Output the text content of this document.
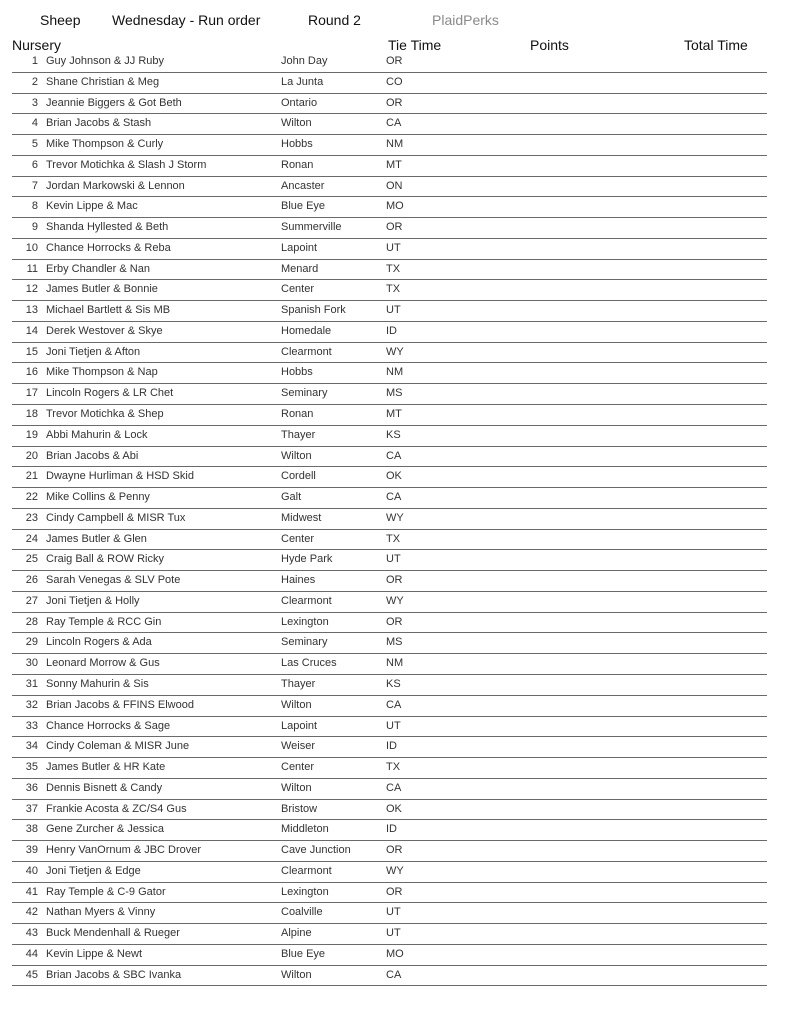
Sheep Wednesday - Run order	Round 2	PlaidPerks
Nursery	Tie Time	Points	Total Time
1 Guy Johnson & JJ Ruby	John Day	OR
2 Shane Christian & Meg	La Junta	CO
3 Jeannie Biggers & Got Beth	Ontario	OR
4 Brian Jacobs & Stash	Wilton	CA
5 Mike Thompson & Curly	Hobbs	NM
6 Trevor Motichka & Slash J Storm	Ronan	MT
7 Jordan Markowski & Lennon	Ancaster	ON
8 Kevin Lippe & Mac	Blue Eye	MO
9 Shanda Hyllested & Beth	Summerville	OR
10 Chance Horrocks & Reba	Lapoint	UT
11 Erby Chandler & Nan	Menard	TX
12 James Butler & Bonnie	Center	TX
13 Michael Bartlett & Sis MB	Spanish Fork	UT
14 Derek Westover & Skye	Homedale	ID
15 Joni Tietjen & Afton	Clearmont	WY
16 Mike Thompson & Nap	Hobbs	NM
17 Lincoln Rogers & LR Chet	Seminary	MS
18 Trevor Motichka & Shep	Ronan	MT
19 Abbi Mahurin & Lock	Thayer	KS
20 Brian Jacobs & Abi	Wilton	CA
21 Dwayne Hurliman & HSD Skid	Cordell	OK
22 Mike Collins & Penny	Galt	CA
23 Cindy Campbell & MISR Tux	Midwest	WY
24 James Butler & Glen	Center	TX
25 Craig Ball & ROW Ricky	Hyde Park	UT
26 Sarah Venegas & SLV Pote	Haines	OR
27 Joni Tietjen & Holly	Clearmont	WY
28 Ray Temple & RCC Gin	Lexington	OR
29 Lincoln Rogers & Ada	Seminary	MS
30 Leonard Morrow & Gus	Las Cruces	NM
31 Sonny Mahurin & Sis	Thayer	KS
32 Brian Jacobs & FFINS Elwood	Wilton	CA
33 Chance Horrocks & Sage	Lapoint	UT
34 Cindy Coleman & MISR June	Weiser	ID
35 James Butler & HR Kate	Center	TX
36 Dennis Bisnett & Candy	Wilton	CA
37 Frankie Acosta & ZC/S4 Gus	Bristow	OK
38 Gene Zurcher & Jessica	Middleton	ID
39 Henry VanOrnum & JBC Drover	Cave Junction	OR
40 Joni Tietjen & Edge	Clearmont	WY
41 Ray Temple & C-9 Gator	Lexington	OR
42 Nathan Myers & Vinny	Coalville	UT
43 Buck Mendenhall & Rueger	Alpine	UT
44 Kevin Lippe & Newt	Blue Eye	MO
45 Brian Jacobs & SBC Ivanka	Wilton	CA
